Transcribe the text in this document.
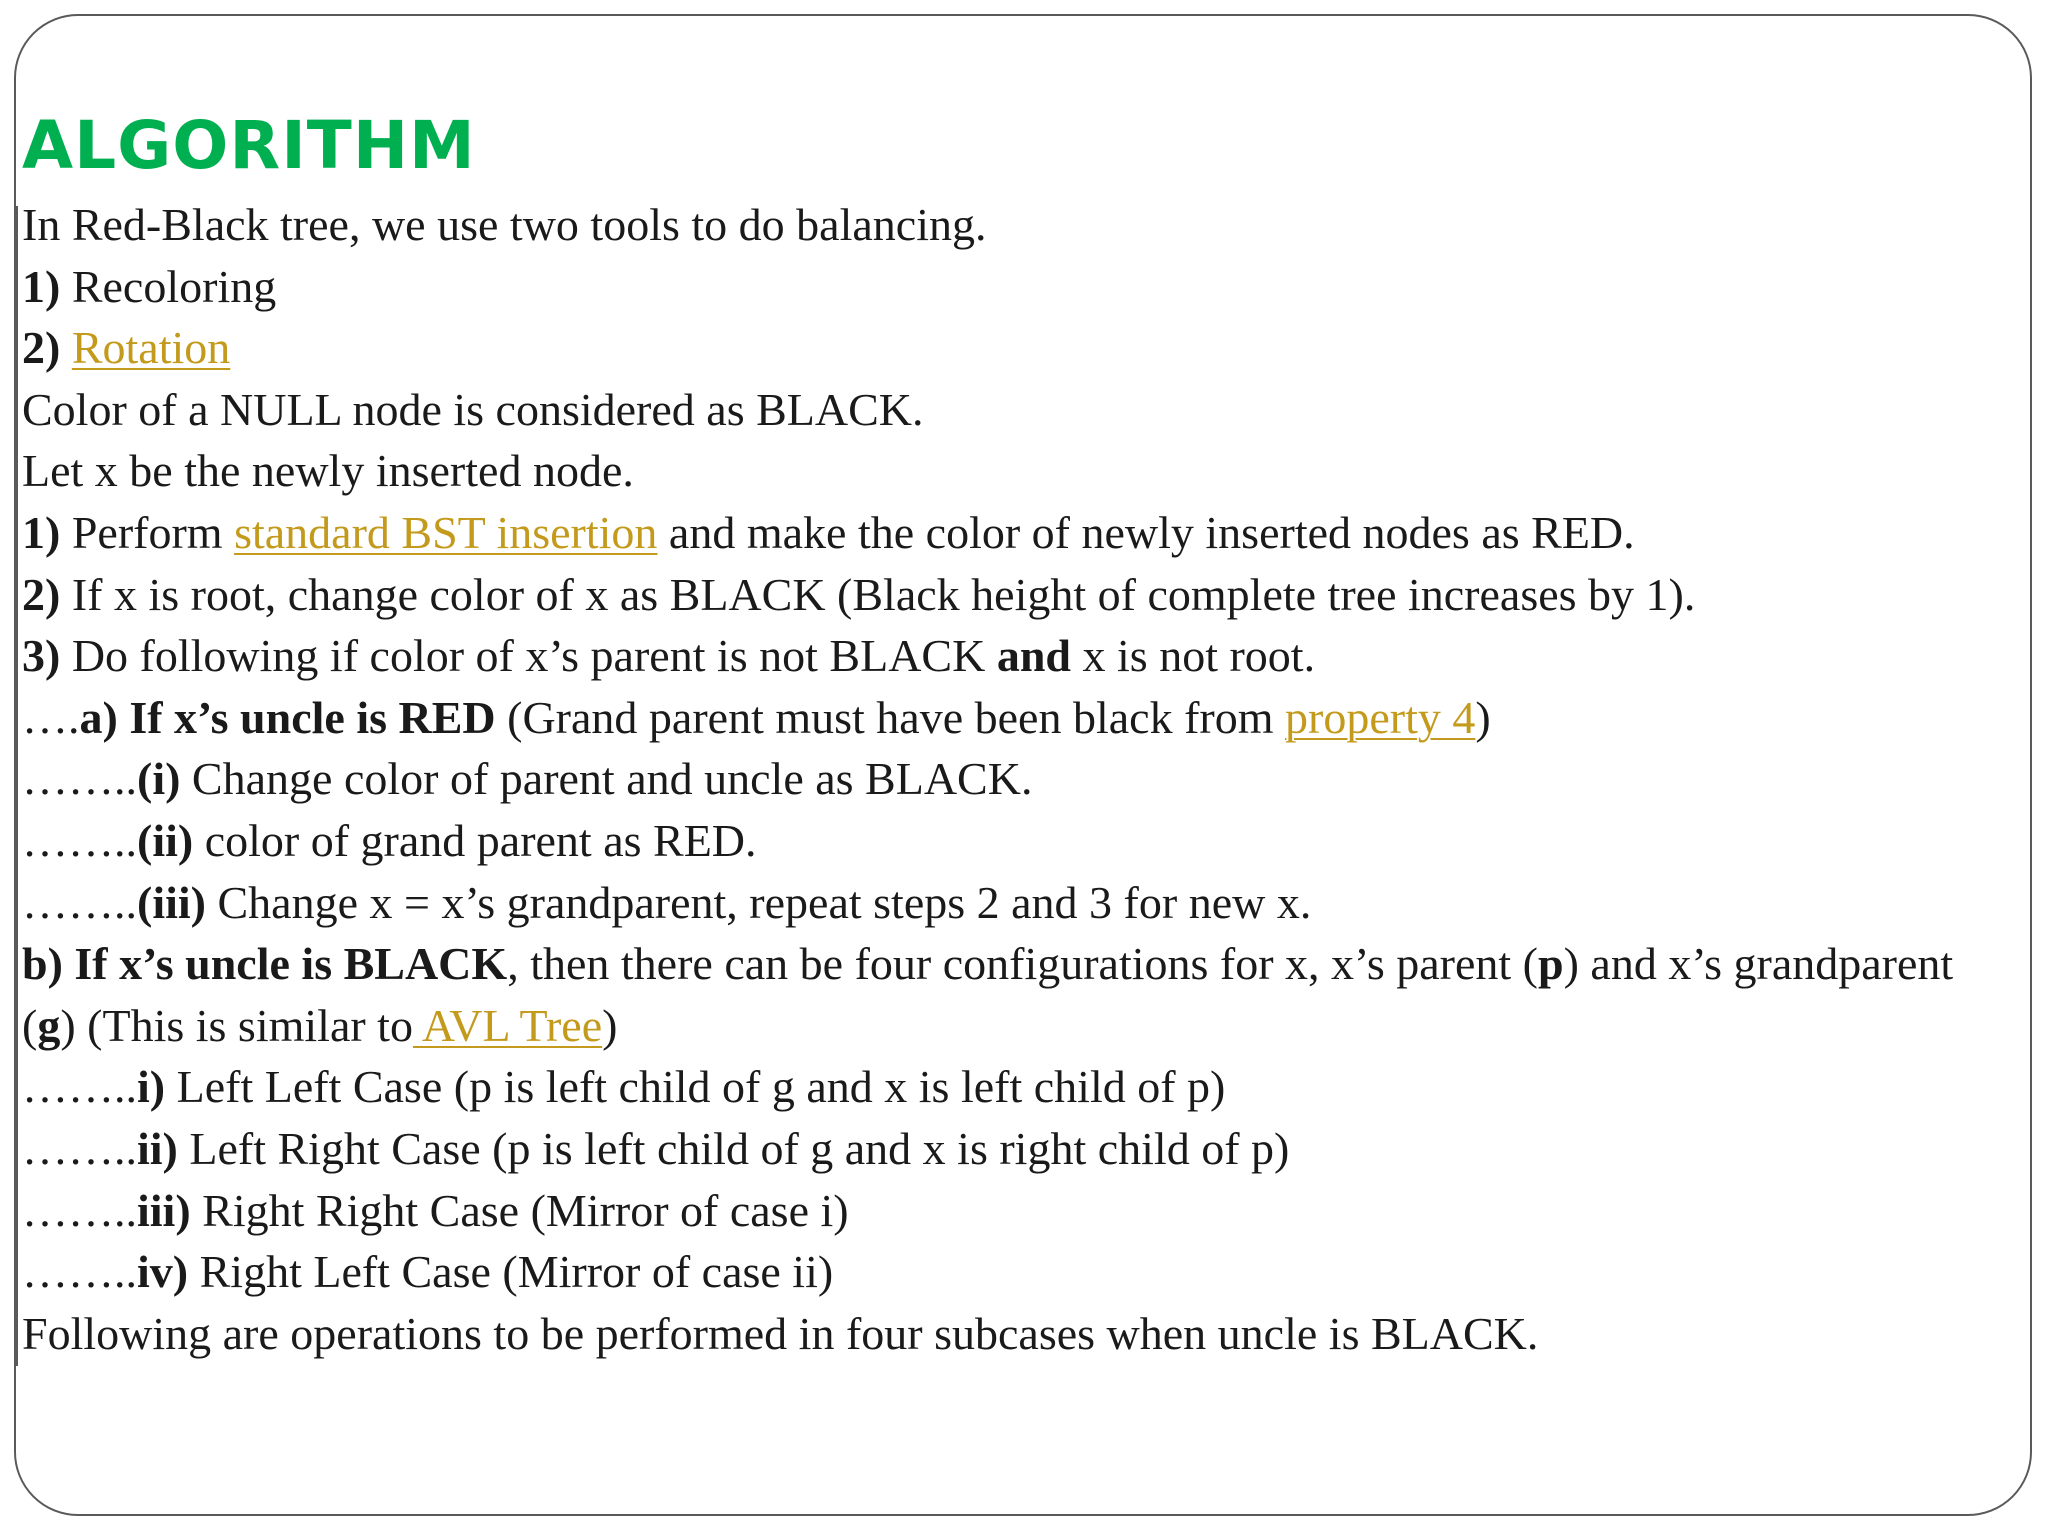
ALGORITHM
In Red-Black tree, we use two tools to do balancing.
1) Recoloring
2) Rotation
Color of a NULL node is considered as BLACK.
Let x be the newly inserted node.
1) Perform standard BST insertion and make the color of newly inserted nodes as RED.
2) If x is root, change color of x as BLACK (Black height of complete tree increases by 1).
3) Do following if color of x’s parent is not BLACK and x is not root.
….a) If x’s uncle is RED (Grand parent must have been black from property 4)
……..(i) Change color of parent and uncle as BLACK.
……..(ii) color of grand parent as RED.
……..(iii) Change x = x’s grandparent, repeat steps 2 and 3 for new x.
b) If x’s uncle is BLACK, then there can be four configurations for x, x’s parent (p) and x’s grandparent (g) (This is similar to AVL Tree)
……..i) Left Left Case (p is left child of g and x is left child of p)
……..ii) Left Right Case (p is left child of g and x is right child of p)
……..iii) Right Right Case (Mirror of case i)
……..iv) Right Left Case (Mirror of case ii)
Following are operations to be performed in four subcases when uncle is BLACK.
